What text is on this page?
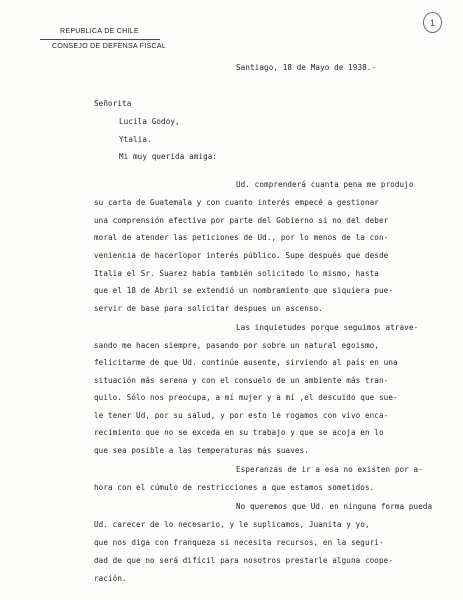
REPUBLICA DE CHILE
CONSEJO DE DEFENSA FISCAL
1
Santiago, 18 de Mayo de 1938.-
Señorita
Lucila Godoy,
Ytalia.
Mi muy querida amiga:
Ud. comprenderá cuanta pena me produjo
su carta de Guatemala y con cuanto interés empecé a gestionar
una comprensión efectiva por parte del Gobierno si no del deber
moral de atender las peticiones de Ud., por lo menos de la con-
veniencia de hacerlopor interés público. Supe después que desde
Italia el Sr. Suarez había también solicitado lo mismo, hasta
que el 18 de Abril se extendió un nombramiento que siquiera pue-
servir de base para solicitar despues un ascenso.
Las inquietudes porque seguimos atrave-
sando me hacen siempre, pasando por sobre un natural egoismo,
felicitarme de que Ud. continúe ausente, sirviendo al país en una
situación más serena y con el consuelo de un ambiente más tran-
quilo. Sólo nos preocupa, a mí mujer y a mí ,el descuido que sue-
le tener Ud, por su salud, y por esto le rogamos con vivo enca-
recimiento que no se exceda en su trabajo y que se acoja en lo
que sea posible a las temperaturas más suaves.
Esperanzas de ir a esa no existen por a-
hora con el cúmulo de restricciones a que estamos sometidos.
No queremos que Ud. en ninguna forma pueda
Ud. carecer de lo necesario, y le suplicamos, Juanita y yo,
que nos diga con franqueza si necesita recursos, en la seguri-
dad de que no será difícil para nosotros prestarle alguna coope-
ración.
